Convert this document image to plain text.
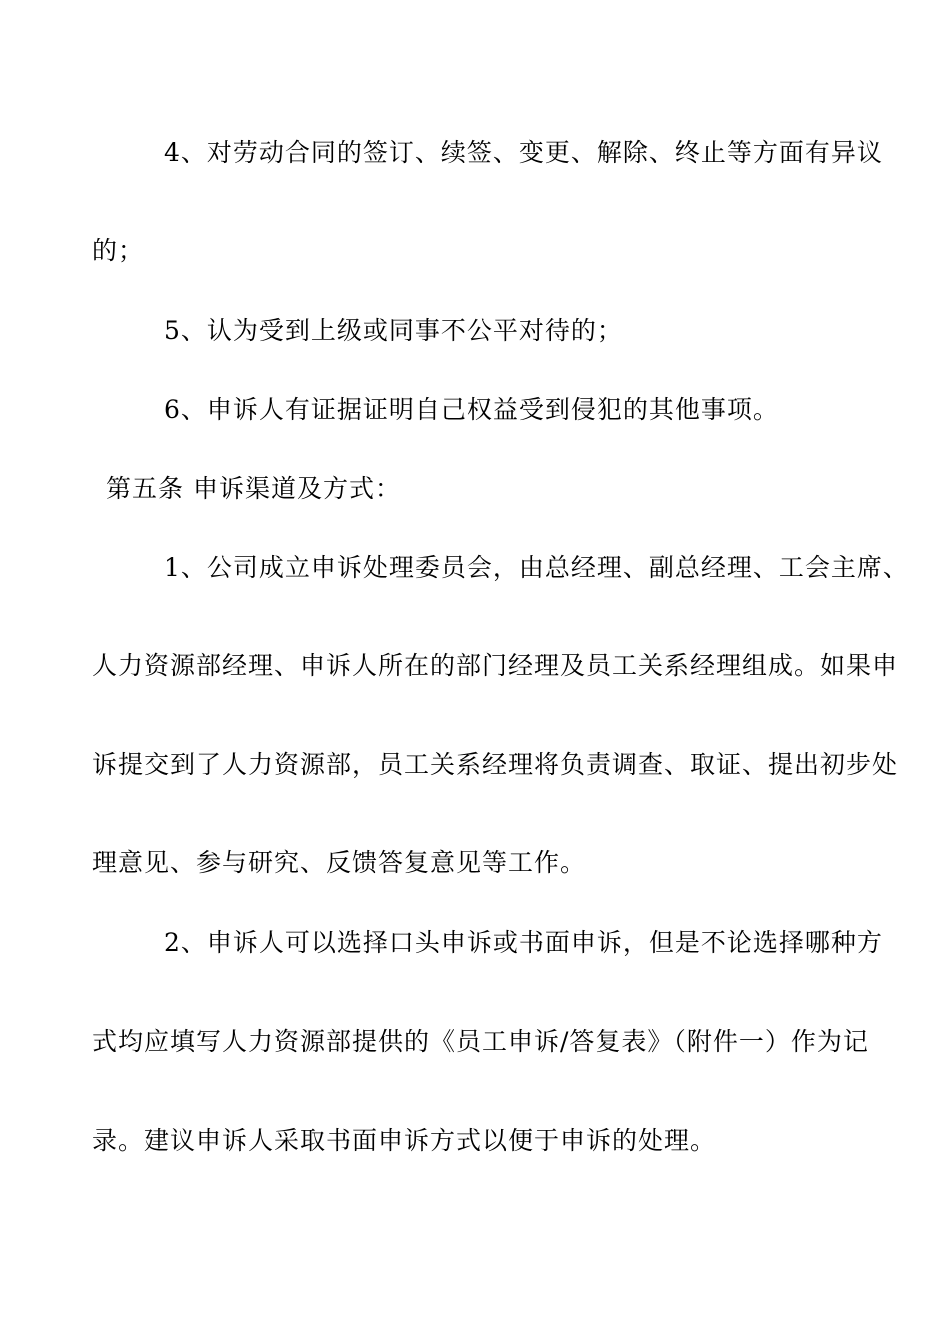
4、对劳动合同的签订、续签、变更、解除、终止等方面有异议
的；
5、认为受到上级或同事不公平对待的；
6、申诉人有证据证明自己权益受到侵犯的其他事项。
第五条 申诉渠道及方式：
1、公司成立申诉处理委员会，由总经理、副总经理、工会主席、
人力资源部经理、申诉人所在的部门经理及员工关系经理组成。如果申
诉提交到了人力资源部，员工关系经理将负责调查、取证、提出初步处
理意见、参与研究、反馈答复意见等工作。
2、申诉人可以选择口头申诉或书面申诉，但是不论选择哪种方
式均应填写人力资源部提供的《员工申诉/答复表》（附件一）作为记
录。建议申诉人采取书面申诉方式以便于申诉的处理。
